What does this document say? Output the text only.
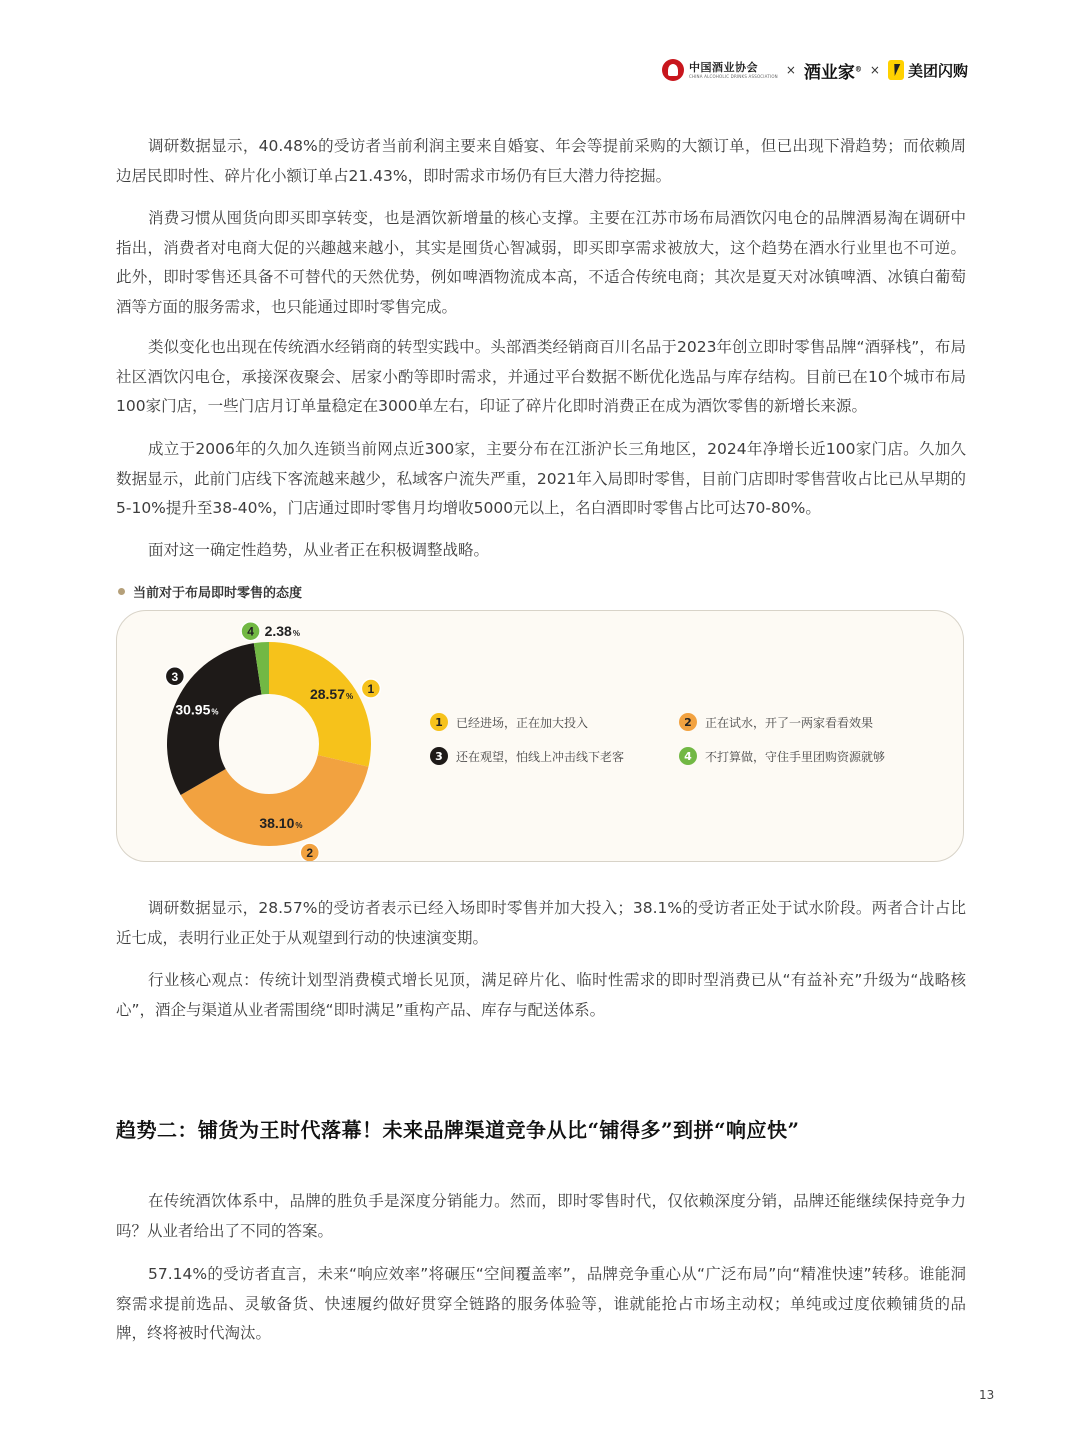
中国酒业协会
CHINA ALCOHOLIC DRINKS ASSOCIATION × 酒业家® × 美团闪购

调研数据显示，40.48%的受访者当前利润主要来自婚宴、年会等提前采购的大额订单，但已出现下滑趋势；而依赖周边居民即时性、碎片化小额订单占21.43%，即时需求市场仍有巨大潜力待挖掘。

消费习惯从囤货向即买即享转变，也是酒饮新增量的核心支撑。主要在江苏市场布局酒饮闪电仓的品牌酒易淘在调研中指出，消费者对电商大促的兴趣越来越小，其实是囤货心智减弱，即买即享需求被放大，这个趋势在酒水行业里也不可逆。此外，即时零售还具备不可替代的天然优势，例如啤酒物流成本高，不适合传统电商；其次是夏天对冰镇啤酒、冰镇白葡萄酒等方面的服务需求，也只能通过即时零售完成。

类似变化也出现在传统酒水经销商的转型实践中。头部酒类经销商百川名品于2023年创立即时零售品牌“酒驿栈”，布局社区酒饮闪电仓，承接深夜聚会、居家小酌等即时需求，并通过平台数据不断优化选品与库存结构。目前已在10个城市布局100家门店，一些门店月订单量稳定在3000单左右，印证了碎片化即时消费正在成为酒饮零售的新增长来源。

成立于2006年的久加久连锁当前网点近300家，主要分布在江浙沪长三角地区，2024年净增长近100家门店。久加久数据显示，此前门店线下客流越来越少，私域客户流失严重，2021年入局即时零售，目前门店即时零售营收占比已从早期的5-10%提升至38-40%，门店通过即时零售月均增收5000元以上，名白酒即时零售占比可达70-80%。

面对这一确定性趋势，从业者正在积极调整战略。

当前对于布局即时零售的态度
28.57%
1
38.10%
2
30.95%
3
4 2.38%
1	已经进场，正在加大投入	2	正在试水，开了一两家看看效果
3	还在观望，怕线上冲击线下老客	4	不打算做，守住手里团购资源就够

调研数据显示，28.57%的受访者表示已经入场即时零售并加大投入；38.1%的受访者正处于试水阶段。两者合计占比近七成，表明行业正处于从观望到行动的快速演变期。

行业核心观点：传统计划型消费模式增长见顶，满足碎片化、临时性需求的即时型消费已从“有益补充”升级为“战略核心”，酒企与渠道从业者需围绕“即时满足”重构产品、库存与配送体系。

趋势二：铺货为王时代落幕！未来品牌渠道竞争从比“铺得多”到拼“响应快”

在传统酒饮体系中，品牌的胜负手是深度分销能力。然而，即时零售时代，仅依赖深度分销，品牌还能继续保持竞争力吗？从业者给出了不同的答案。

57.14%的受访者直言，未来“响应效率”将碾压“空间覆盖率”，品牌竞争重心从“广泛布局”向“精准快速”转移。谁能洞察需求提前选品、灵敏备货、快速履约做好贯穿全链路的服务体验等，谁就能抢占市场主动权；单纯或过度依赖铺货的品牌，终将被时代淘汰。

13
